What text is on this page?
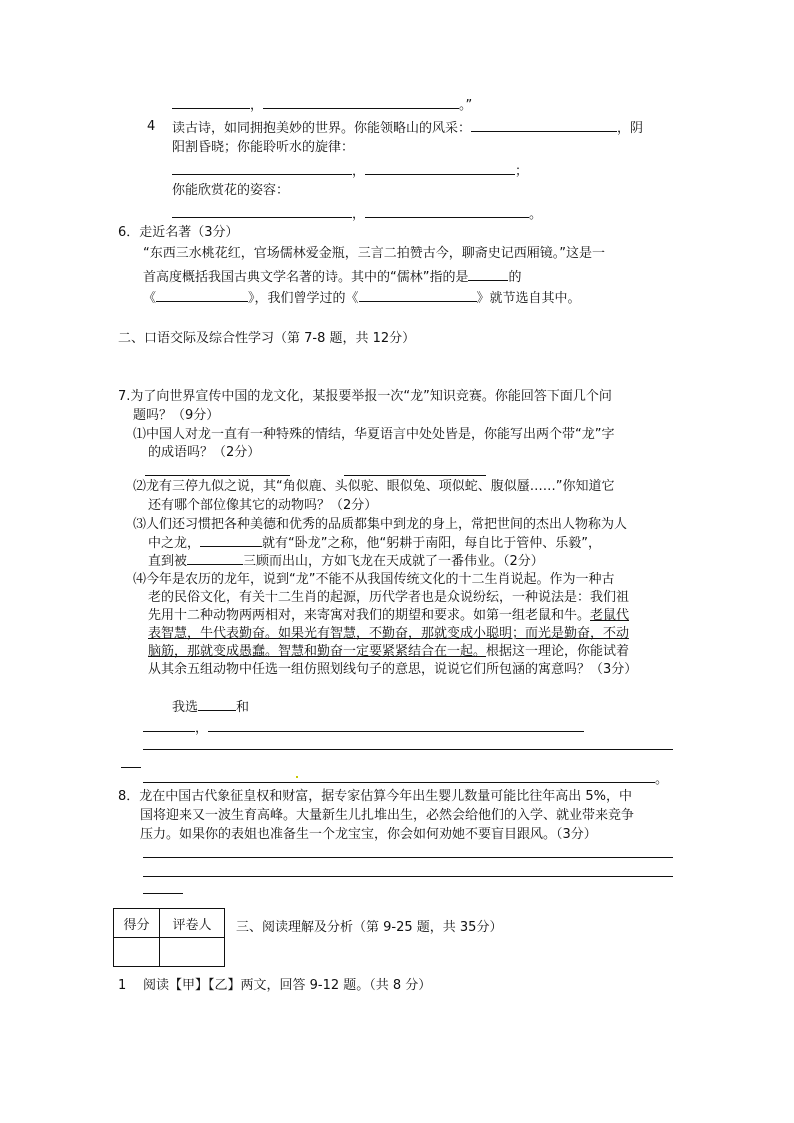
，	。”
4 读古诗，如同拥抱美妙的世界。你能领略山的风采：	，阴
阳割昏晓；你能聆听水的旋律：
，	；
你能欣赏花的姿容：
，	。
6．走近名著（3分）
“东西三水桃花红，官场儒林爱金瓶，三言二拍赞古今，聊斋史记西厢镜。”这是一
首高度概括我国古典文学名著的诗。其中的“儒林”指的是	的
《	》，我们曾学过的《	》就节选自其中。
二、口语交际及综合性学习（第 7-8 题，共 12分）
7.为了向世界宣传中国的龙文化，某报要举报一次“龙”知识竞赛。你能回答下面几个问
题吗？（9分）
⑴中国人对龙一直有一种特殊的情结，华夏语言中处处皆是，你能写出两个带“龙”字
的成语吗？（2分）
⑵龙有三停九似之说，其“角似鹿、头似驼、眼似兔、项似蛇、腹似蜃……”你知道它
还有哪个部位像其它的动物吗？（2分）
⑶人们还习惯把各种美德和优秀的品质都集中到龙的身上，常把世间的杰出人物称为人
中之龙，	就有“卧龙”之称，他“躬耕于南阳，每自比于管仲、乐毅”，
直到被	三顾而出山，方如飞龙在天成就了一番伟业。（2分）
⑷今年是农历的龙年，说到“龙”不能不从我国传统文化的十二生肖说起。作为一种古
老的民俗文化，有关十二生肖的起源，历代学者也是众说纷纭，一种说法是：我们祖
先用十二种动物两两相对，来寄寓对我们的期望和要求。如第一组老鼠和牛。老鼠代
表智慧，牛代表勤奋。如果光有智慧，不勤奋，那就变成小聪明；而光是勤奋，不动
脑筋，那就变成愚蠢。智慧和勤奋一定要紧紧结合在一起。根据这一理论，你能试着
从其余五组动物中任选一组仿照划线句子的意思，说说它们所包涵的寓意吗？（3分）
我选	和
，
。
8．龙在中国古代象征皇权和财富，据专家估算今年出生婴儿数量可能比往年高出 5%，中
国将迎来又一波生育高峰。大量新生儿扎堆出生，必然会给他们的入学、就业带来竞争
压力。如果你的表姐也准备生一个龙宝宝，你会如何劝她不要盲目跟风。（3分）
得分	评卷人
	三、阅读理解及分析（第 9-25 题，共 35分）
1 阅读【甲】【乙】两文，回答 9-12 题。（共 8 分）
